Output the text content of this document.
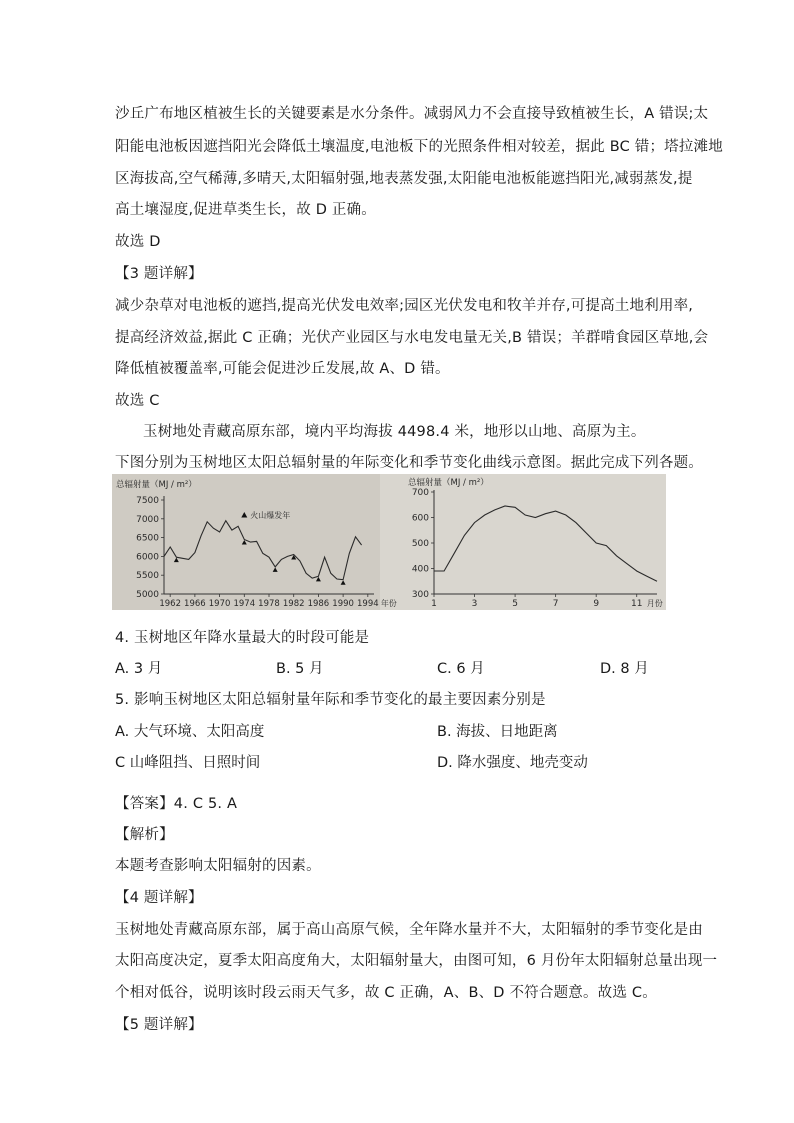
沙丘广布地区植被生长的关键要素是水分条件。减弱风力不会直接导致植被生长，A 错误;太
阳能电池板因遮挡阳光会降低土壤温度,电池板下的光照条件相对较差，据此 BC 错；塔拉滩地
区海拔高,空气稀薄,多晴天,太阳辐射强,地表蒸发强,太阳能电池板能遮挡阳光,减弱蒸发,提
高土壤湿度,促进草类生长，故 D 正确。
故选 D
【3 题详解】
减少杂草对电池板的遮挡,提高光伏发电效率;园区光伏发电和牧羊并存,可提高土地利用率,
提高经济效益,据此 C 正确；光伏产业园区与水电发电量无关,B 错误；羊群啃食园区草地,会
降低植被覆盖率,可能会促进沙丘发展,故 A、D 错。
故选 C
玉树地处青藏高原东部，境内平均海拔 4498.4 米，地形以山地、高原为主。
下图分别为玉树地区太阳总辐射量的年际变化和季节变化曲线示意图。据此完成下列各题。
总辐射量（MJ / m²）
5000
5500
6000
6500
7000
7500
1962 1966 1970 1974 1978 1982 1986 1990 1994 年份
火山爆发年
总辐射量（MJ / m²）
300
400
500
600
700
1	3	5	7	9	11 月份
4. 玉树地区年降水量最大的时段可能是
A. 3 月	B. 5 月	C. 6 月	D. 8 月
5. 影响玉树地区太阳总辐射量年际和季节变化的最主要因素分别是
A. 大气环境、太阳高度	B. 海拔、日地距离
C 山峰阻挡、日照时间	D. 降水强度、地壳变动
【答案】4. C 5. A
【解析】
本题考查影响太阳辐射的因素。
【4 题详解】
玉树地处青藏高原东部，属于高山高原气候，全年降水量并不大，太阳辐射的季节变化是由
太阳高度决定，夏季太阳高度角大，太阳辐射量大，由图可知，6 月份年太阳辐射总量出现一
个相对低谷，说明该时段云雨天气多，故 C 正确，A、B、D 不符合题意。故选 C。
【5 题详解】
